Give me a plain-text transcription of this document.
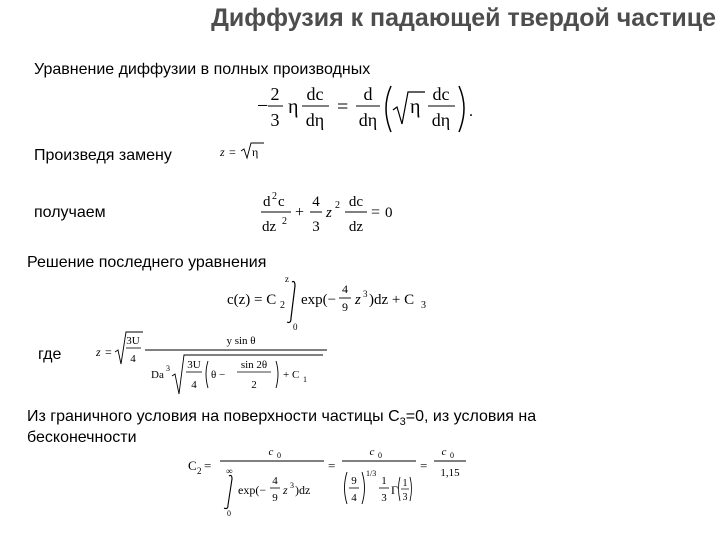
Диффузия к падающей твердой частице
Уравнение диффузии в полных производных
Произведя замену
получаем
Решение последнего уравнения
где
Из граничного условия на поверхности частицы $С_3=0$, из условия на
бесконечности
−
2
3
η
dc
dη
=
d
dη
η
dc
dη .
z = η
d 2 c
dz 2
+
4
3
z 2 dc
dz
= 0
z
c(z) = C 2
0
exp(−
4
9 z 3 )dz + C 3
z =
3U
4
y sin θ
Da
3 3U
4
θ −
sin 2θ
2
+ C 1
C 2 =
c 0
∞
0
exp(−
4
9
z 3 )dz
=
c 0
9
4
1/3
1
3
Γ 1
3
=
c 0
1,15
